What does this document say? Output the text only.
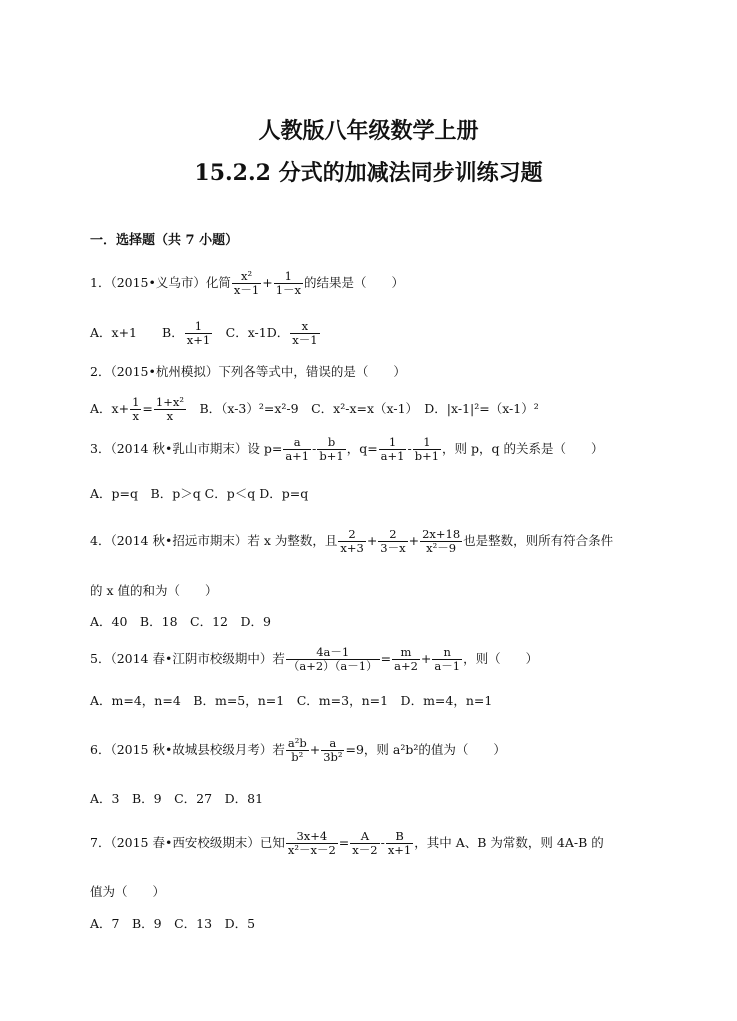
人教版八年级数学上册
15.2.2 分式的加减法同步训练习题
一．选择题（共 7 小题）
1．（2015•义乌市）化简 $\frac{\text{x²}}{x-1} + \frac{1}{1-x}$ 的结果是（　　）
A．x+1　　B． $\frac{1}{x+1}$ 　C．x-1D． $\frac{x}{x-1}$
2．（2015•杭州模拟）下列各等式中，错误的是（　　）
A．$x+ \frac{1}{x} = \frac{\text{1+x²}}{x}$ 　B．（x-3）²=x²-9　C．x²-x=x（x-1）　D．|x-1|²=（x-1）²
3．（2014 秋•乳山市期末）设 $p= \frac{a}{a+1} - \frac{b}{b+1}$ ，$q= \frac{1}{a+1} - \frac{1}{b+1}$ ，则 p，q 的关系是（　　）
A．p=q　B．p＞q C．p＜q D．p=q
4．（2014 秋•招远市期末）若 x 为整数，且 $\frac{2}{x+3} + \frac{2}{3-x} + \frac{2x+18}{\text{x²－9}}$ 也是整数，则所有符合条件
的 x 值的和为（　　）
A．40　B．18　C．12　D．9
5．（2014 春•江阴市校级期中）若 $\frac{4a-1}{(a+2)(a-1)} = \frac{m}{a+2} + \frac{n}{a-1}$ ，则（　　）
A．m=4，n=4　B．m=5，n=1　C．m=3，n=1　D．m=4，n=1
6．（2015 秋•故城县校级月考）若 $\frac{\text{a²b}}{\text{b²}} + \frac{a}{\text{3b²}} =9$，则 a²b²的值为（　　）
A．3　B．9　C．27　D．81
7．（2015 春•西安校级期末）已知 $\frac{3x+4}{\text{x²－x－2}} = \frac{A}{x-2} - \frac{B}{x+1}$ ，其中 A、B 为常数，则 4A-B 的
值为（　　）
A．7　B．9　C．13　D．5
